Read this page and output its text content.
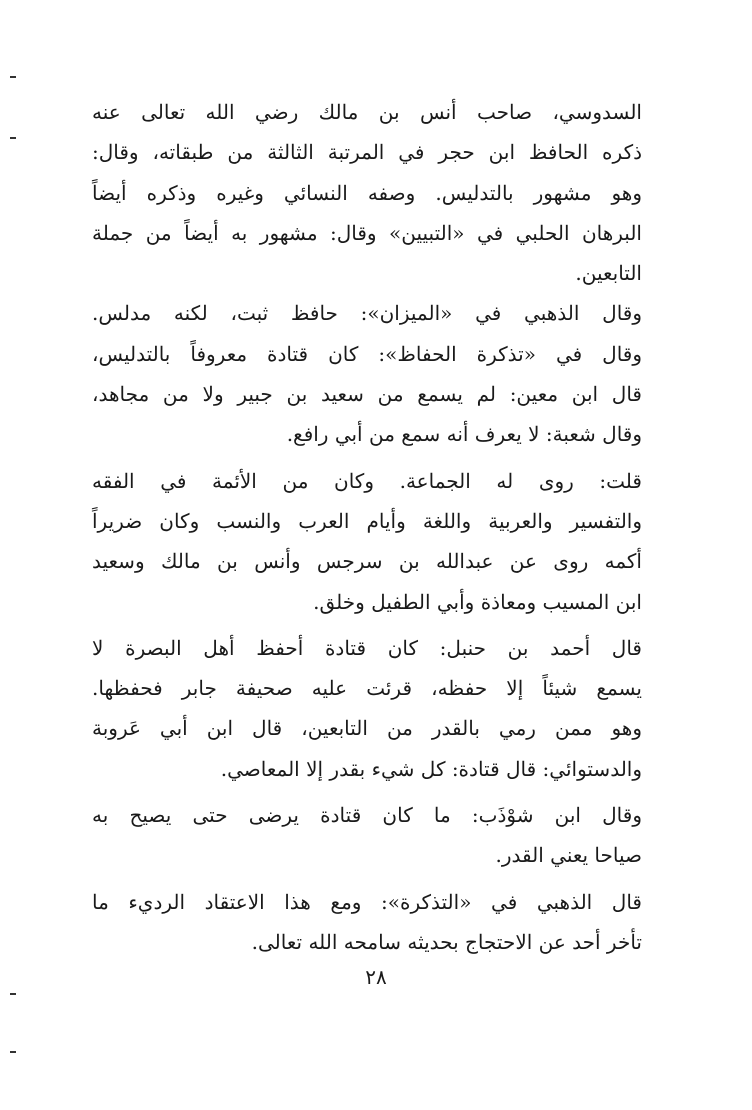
السدوسي، صاحب أنس بن مالك رضي الله تعالى عنه
ذكره الحافظ ابن حجر في المرتبة الثالثة من طبقاته، وقال:
وهو مشهور بالتدليس. وصفه النسائي وغيره وذكره أيضاً
البرهان الحلبي في «التبيين» وقال: مشهور به أيضاً من جملة
التابعين.
وقال الذهبي في «الميزان»: حافظ ثبت، لكنه مدلس.
وقال في «تذكرة الحفاظ»: كان قتادة معروفاً بالتدليس،
قال ابن معين: لم يسمع من سعيد بن جبير ولا من مجاهد،
وقال شعبة: لا يعرف أنه سمع من أبي رافع.
قلت: روى له الجماعة. وكان من الأئمة في الفقه
والتفسير والعربية واللغة وأيام العرب والنسب وكان ضريراً
أكمه روى عن عبدالله بن سرجس وأنس بن مالك وسعيد
ابن المسيب ومعاذة وأبي الطفيل وخلق.
قال أحمد بن حنبل: كان قتادة أحفظ أهل البصرة لا
يسمع شيئاً إلا حفظه، قرئت عليه صحيفة جابر فحفظها.
وهو ممن رمي بالقدر من التابعين، قال ابن أبي عَروبة
والدستوائي: قال قتادة: كل شيء بقدر إلا المعاصي.
وقال ابن شوْذَب: ما كان قتادة يرضى حتى يصيح به
صياحا يعني القدر.
قال الذهبي في «التذكرة»: ومع هذا الاعتقاد الرديء ما
تأخر أحد عن الاحتجاج بحديثه سامحه الله تعالى.
٢٨
